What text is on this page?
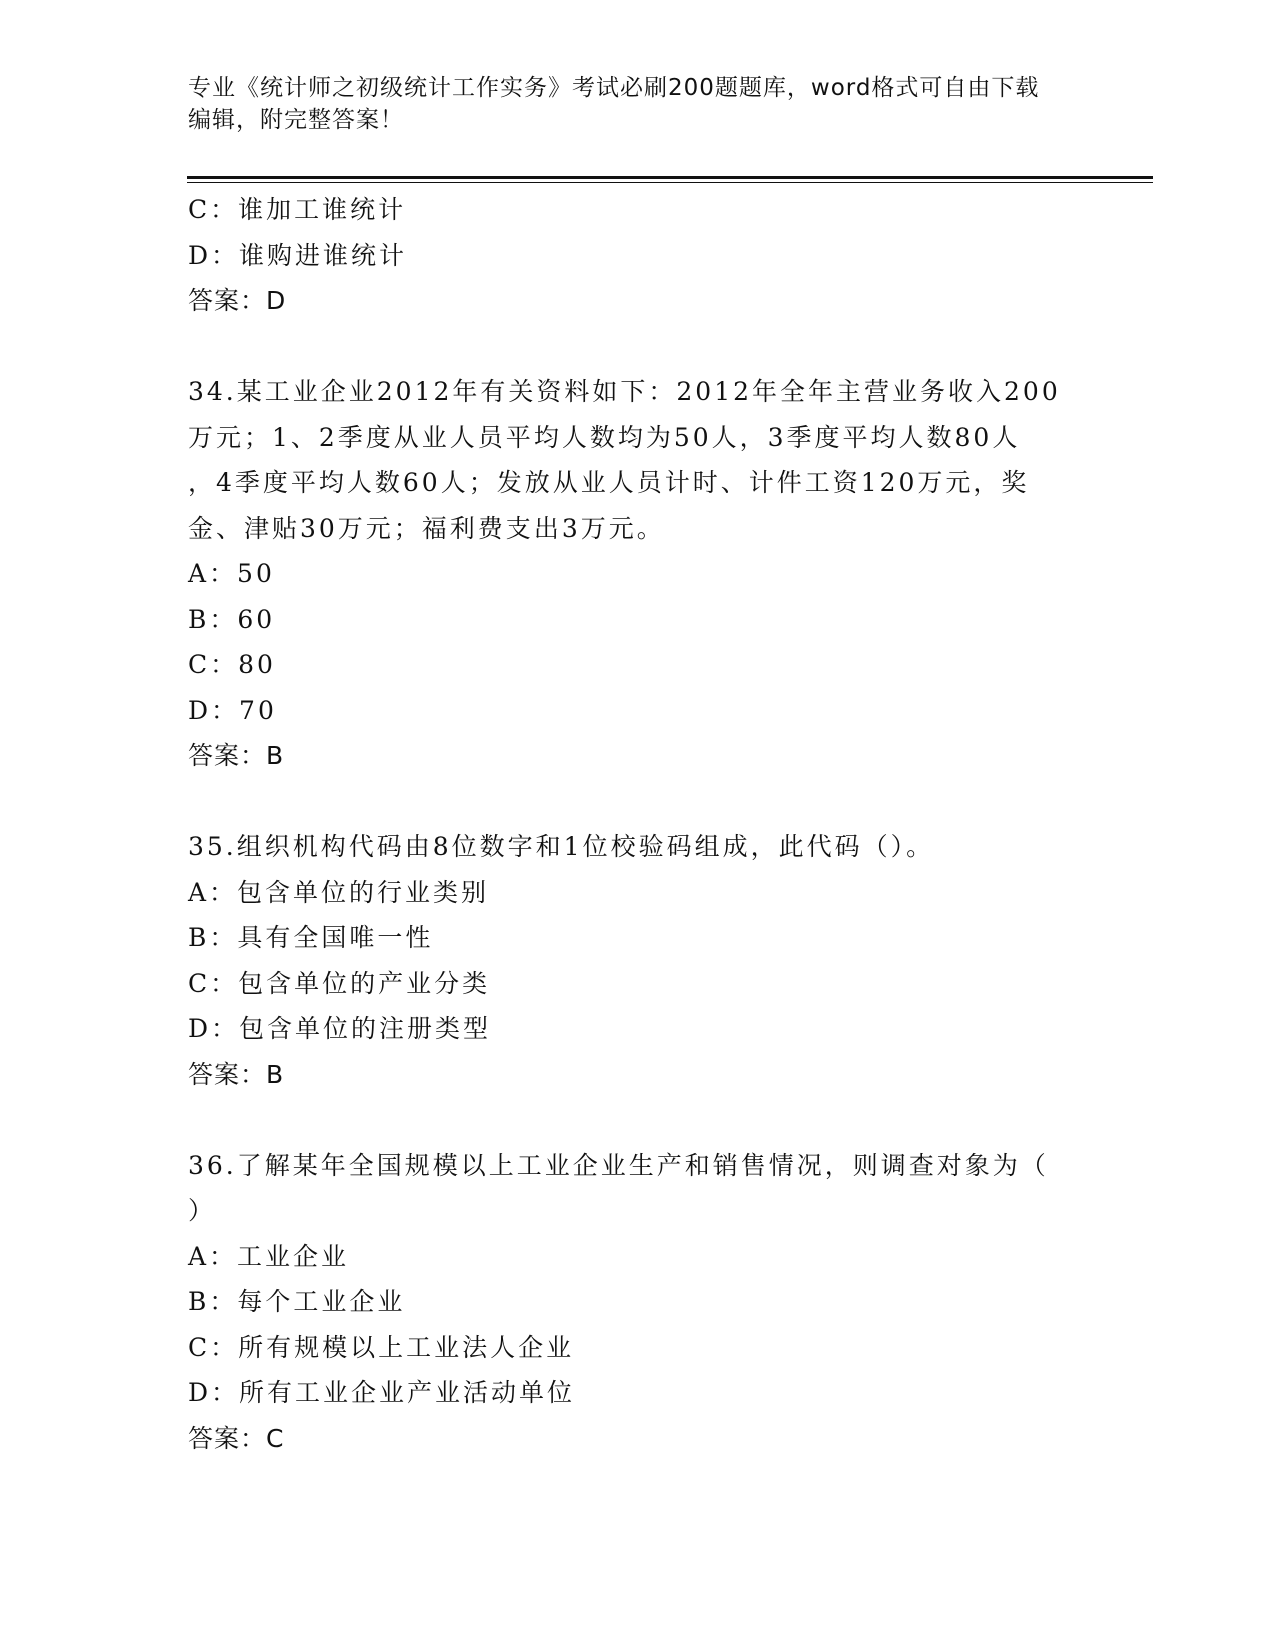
专业《统计师之初级统计工作实务》考试必刷200题题库，word格式可自由下载
编辑，附完整答案！
C：谁加工谁统计
D：谁购进谁统计
答案：D
34.某工业企业2012年有关资料如下：2012年全年主营业务收入200
万元；1、2季度从业人员平均人数均为50人，3季度平均人数80人
，4季度平均人数60人；发放从业人员计时、计件工资120万元，奖
金、津贴30万元；福利费支出3万元。
A：50
B：60
C：80
D：70
答案：B
35.组织机构代码由8位数字和1位校验码组成，此代码（）。
A：包含单位的行业类别
B：具有全国唯一性
C：包含单位的产业分类
D：包含单位的注册类型
答案：B
36.了解某年全国规模以上工业企业生产和销售情况，则调查对象为（
）
A：工业企业
B：每个工业企业
C：所有规模以上工业法人企业
D：所有工业企业产业活动单位
答案：C
